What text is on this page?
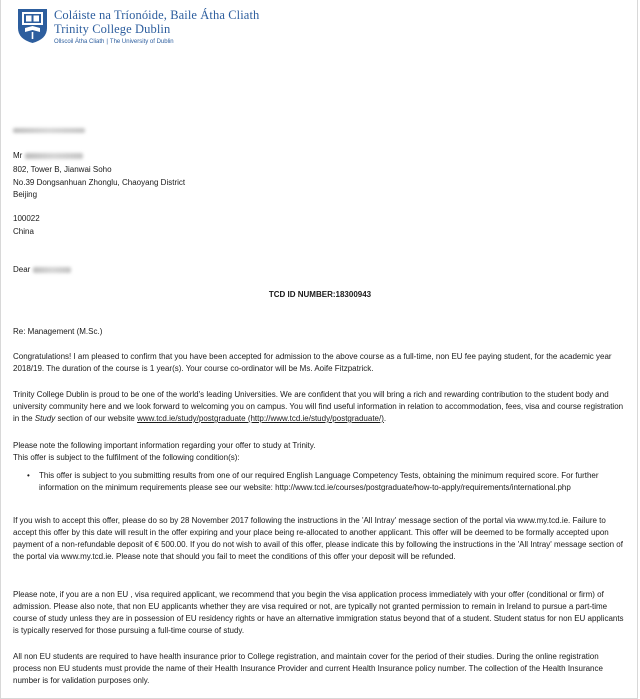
Coláiste na Tríonóide, Baile Átha Cliath
Trinity College Dublin
Ollscoil Átha Cliath | The University of Dublin
Mr
802, Tower B, Jianwai Soho
No.39 Dongsanhuan Zhonglu, Chaoyang District
Beijing
100022
China
Dear
TCD ID NUMBER:18300943
Re: Management (M.Sc.)
Congratulations! I am pleased to confirm that you have been accepted for admission to the above course as a full-time, non EU fee paying student, for the academic year 2018/19. The duration of the course is 1 year(s). Your course co-ordinator will be Ms. Aoife Fitzpatrick.
Trinity College Dublin is proud to be one of the world's leading Universities. We are confident that you will bring a rich and rewarding contribution to the student body and university community here and we look forward to welcoming you on campus. You will find useful information in relation to accommodation, fees, visa and course registration in the Study section of our website www.tcd.ie/study/postgraduate (http://www.tcd.ie/study/postgraduate/).
Please note the following important information regarding your offer to study at Trinity.
This offer is subject to the fulfilment of the following condition(s):
• This offer is subject to you submitting results from one of our required English Language Competency Tests, obtaining the minimum required score. For further information on the minimum requirements please see our website: http://www.tcd.ie/courses/postgraduate/how-to-apply/requirements/international.php
If you wish to accept this offer, please do so by 28 November 2017 following the instructions in the 'All Intray' message section of the portal via www.my.tcd.ie. Failure to accept this offer by this date will result in the offer expiring and your place being re-allocated to another applicant. This offer will be deemed to be formally accepted upon payment of a non-refundable deposit of € 500.00. If you do not wish to avail of this offer, please indicate this by following the instructions in the 'All Intray' message section of the portal via www.my.tcd.ie. Please note that should you fail to meet the conditions of this offer your deposit will be refunded.
Please note, if you are a non EU , visa required applicant, we recommend that you begin the visa application process immediately with your offer (conditional or firm) of admission. Please also note, that non EU applicants whether they are visa required or not, are typically not granted permission to remain in Ireland to pursue a part-time course of study unless they are in possession of EU residency rights or have an alternative immigration status beyond that of a student. Student status for non EU applicants is typically reserved for those pursuing a full-time course of study.
All non EU students are required to have health insurance prior to College registration, and maintain cover for the period of their studies. During the online registration process non EU students must provide the name of their Health Insurance Provider and current Health Insurance policy number. The collection of the Health Insurance number is for validation purposes only.
